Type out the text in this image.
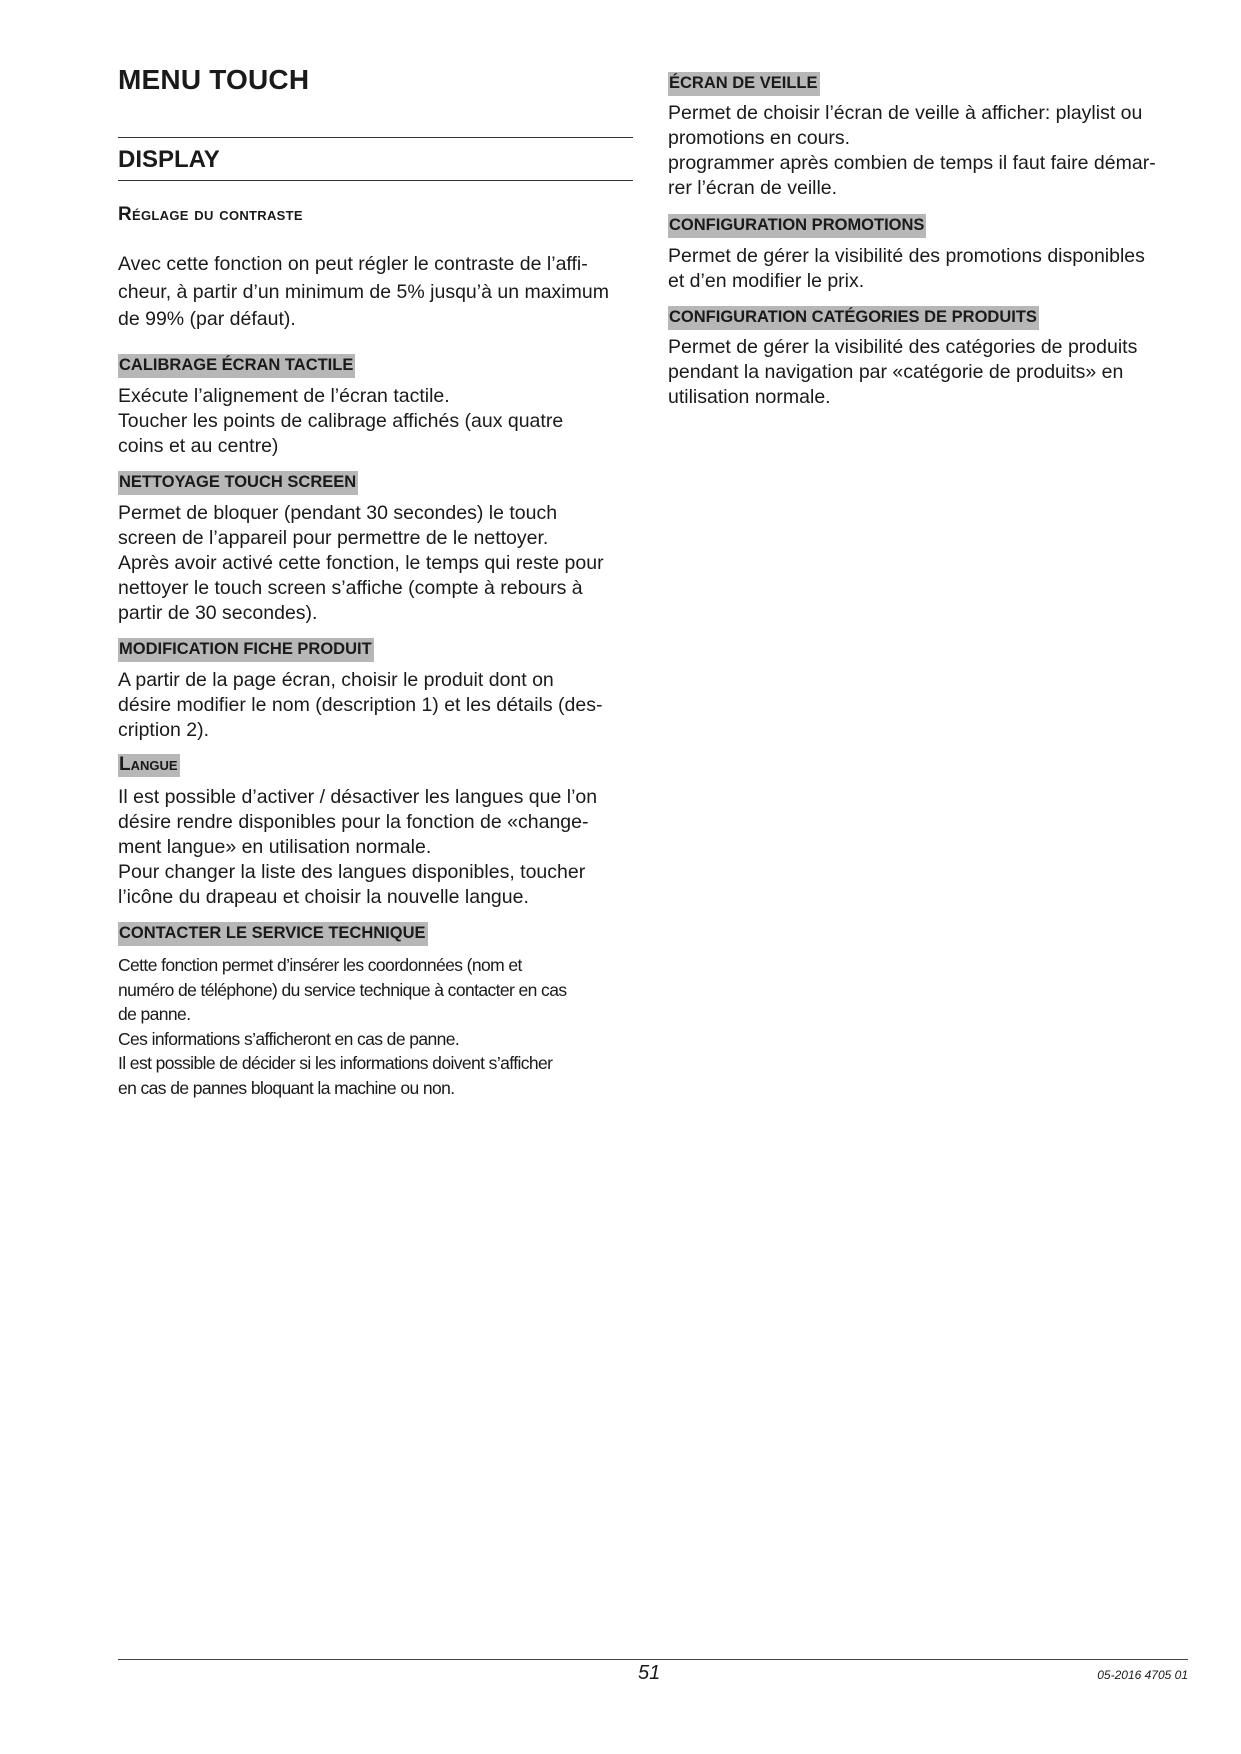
MENU TOUCH
DISPLAY
Réglage du contraste

Avec cette fonction on peut régler le contraste de l’affi-
cheur, à partir d’un minimum de 5% jusqu’à un maximum
de 99% (par défaut).

CALIBRAGE ÉCRAN TACTILE

Exécute l’alignement de l’écran tactile.
Toucher les points de calibrage affichés (aux quatre
coins et au centre)

NETTOYAGE TOUCH SCREEN

Permet de bloquer (pendant 30 secondes) le touch
screen de l’appareil pour permettre de le nettoyer.
Après avoir activé cette fonction, le temps qui reste pour
nettoyer le touch screen s’affiche (compte à rebours à
partir de 30 secondes).

MODIFICATION FICHE PRODUIT

A partir de la page écran, choisir le produit dont on
désire modifier le nom (description 1) et les détails (des-
cription 2).

Langue

Il est possible d’activer / désactiver les langues que l’on
désire rendre disponibles pour la fonction de «change-
ment langue» en utilisation normale.
Pour changer la liste des langues disponibles, toucher
l’icône du drapeau et choisir la nouvelle langue.

CONTACTER LE SERVICE TECHNIQUE

Cette fonction permet d’insérer les coordonnées (nom et
numéro de téléphone) du service technique à contacter en cas
de panne.
Ces informations s’afficheront en cas de panne.
Il est possible de décider si les informations doivent s’afficher
en cas de pannes bloquant la machine ou non.

ÉCRAN DE VEILLE

Permet de choisir l’écran de veille à afficher: playlist ou
promotions en cours.
programmer après combien de temps il faut faire démar-
rer l’écran de veille.

CONFIGURATION PROMOTIONS

Permet de gérer la visibilité des promotions disponibles
et d’en modifier le prix.

CONFIGURATION CATÉGORIES DE PRODUITS

Permet de gérer la visibilité des catégories de produits
pendant la navigation par «catégorie de produits» en
utilisation normale.

51	05-2016 4705 01
